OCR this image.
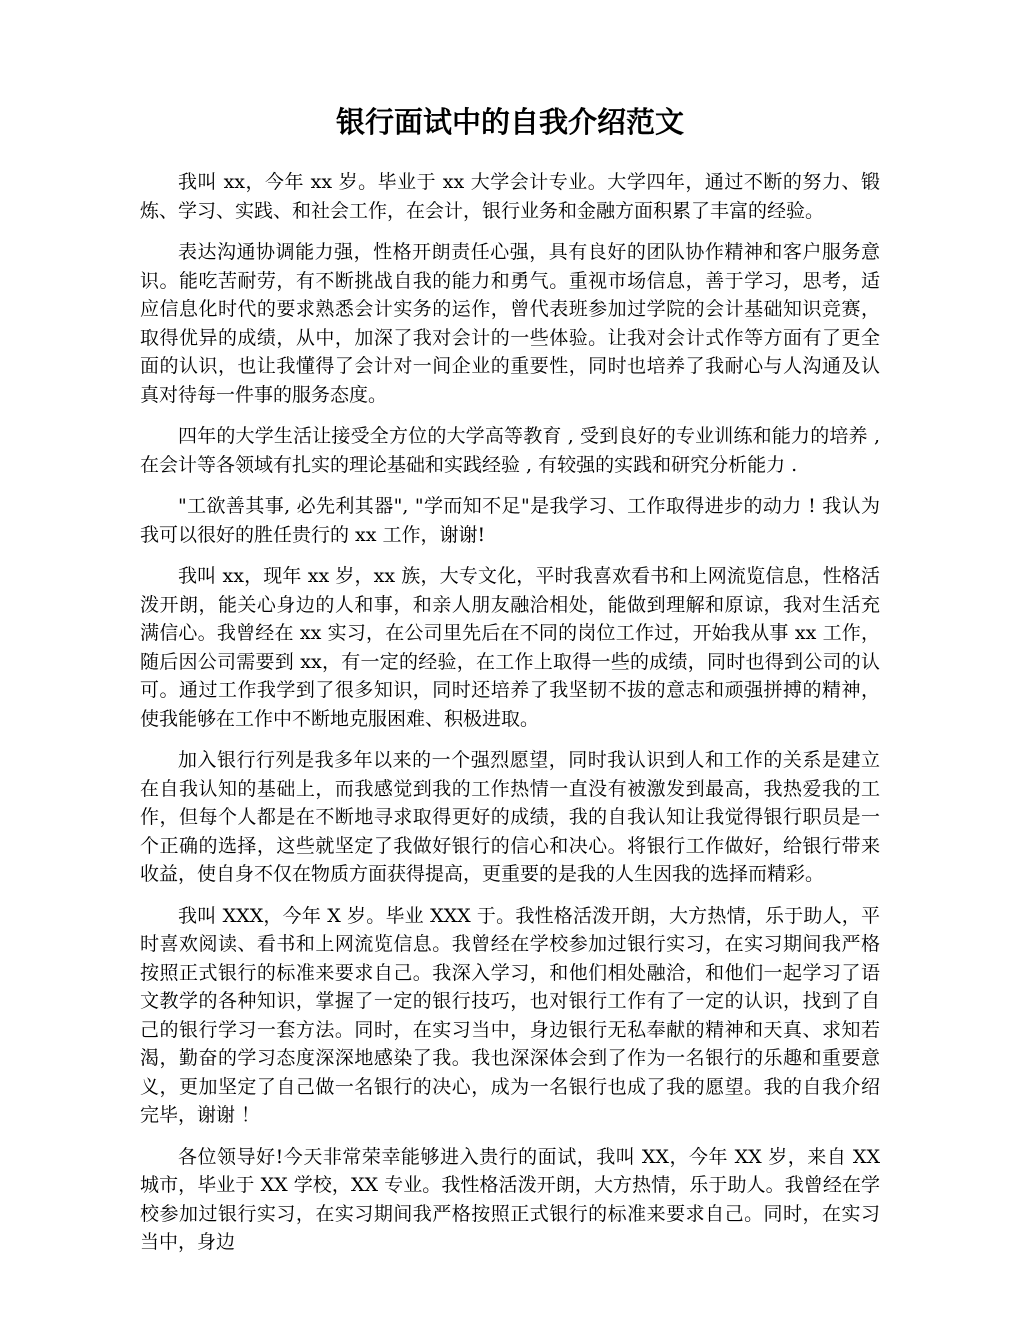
银行面试中的自我介绍范文

我叫 xx，今年 xx 岁。毕业于 xx 大学会计专业。大学四年，通过不断的努力、锻炼、学习、实践、和社会工作，在会计，银行业务和金融方面积累了丰富的经验。

表达沟通协调能力强，性格开朗责任心强，具有良好的团队协作精神和客户服务意识。能吃苦耐劳，有不断挑战自我的能力和勇气。重视市场信息，善于学习，思考，适应信息化时代的要求熟悉会计实务的运作，曾代表班参加过学院的会计基础知识竞赛，取得优异的成绩，从中，加深了我对会计的一些体验。让我对会计式作等方面有了更全面的认识，也让我懂得了会计对一间企业的重要性，同时也培养了我耐心与人沟通及认真对待每一件事的服务态度。

四年的大学生活让接受全方位的大学高等教育 , 受到良好的专业训练和能力的培养 , 在会计等各领域有扎实的理论基础和实践经验 , 有较强的实践和研究分析能力 .

"工欲善其事, 必先利其器", "学而知不足"是我学习、工作取得进步的动力 ! 我认为我可以很好的胜任贵行的 xx 工作，谢谢!

我叫 xx，现年 xx 岁，xx 族，大专文化，平时我喜欢看书和上网流览信息，性格活泼开朗，能关心身边的人和事，和亲人朋友融洽相处，能做到理解和原谅，我对生活充满信心。我曾经在 xx 实习，在公司里先后在不同的岗位工作过，开始我从事 xx 工作，随后因公司需要到 xx，有一定的经验，在工作上取得一些的成绩，同时也得到公司的认可。通过工作我学到了很多知识，同时还培养了我坚韧不拔的意志和顽强拼搏的精神，使我能够在工作中不断地克服困难、积极进取。

加入银行行列是我多年以来的一个强烈愿望，同时我认识到人和工作的关系是建立在自我认知的基础上，而我感觉到我的工作热情一直没有被激发到最高，我热爱我的工作，但每个人都是在不断地寻求取得更好的成绩，我的自我认知让我觉得银行职员是一个正确的选择，这些就坚定了我做好银行的信心和决心。将银行工作做好，给银行带来收益，使自身不仅在物质方面获得提高，更重要的是我的人生因我的选择而精彩。

我叫 XXX，今年 X 岁。毕业 XXX 于。我性格活泼开朗，大方热情，乐于助人，平时喜欢阅读、看书和上网流览信息。我曾经在学校参加过银行实习，在实习期间我严格按照正式银行的标准来要求自己。我深入学习，和他们相处融洽，和他们一起学习了语文教学的各种知识，掌握了一定的银行技巧，也对银行工作有了一定的认识，找到了自己的银行学习一套方法。同时，在实习当中，身边银行无私奉献的精神和天真、求知若渴，勤奋的学习态度深深地感染了我。我也深深体会到了作为一名银行的乐趣和重要意义，更加坚定了自己做一名银行的决心，成为一名银行也成了我的愿望。我的自我介绍完毕，谢谢 ！

各位领导好!今天非常荣幸能够进入贵行的面试，我叫 XX，今年 XX 岁，来自 XX 城市，毕业于 XX 学校，XX 专业。我性格活泼开朗，大方热情，乐于助人。我曾经在学校参加过银行实习，在实习期间我严格按照正式银行的标准来要求自己。同时，在实习当中，身边
